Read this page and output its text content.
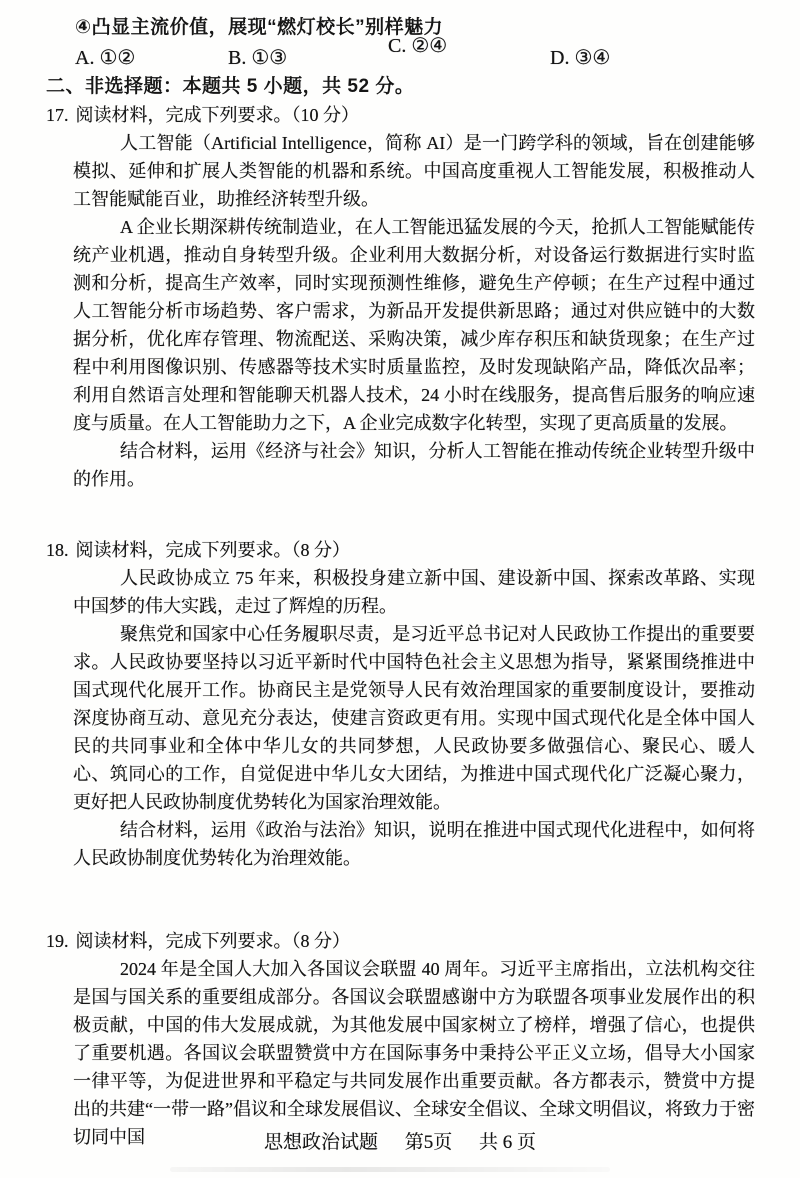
④凸显主流价值，展现“燃灯校长”别样魅力
A. ①②	B. ①③
C. ②④
D. ③④
二、非选择题：本题共 5 小题，共 52 分。
17. 阅读材料，完成下列要求。（10 分）

人工智能（Artificial Intelligence，简称 AI）是一门跨学科的领域，旨在创建能够模拟、延伸和扩展人类智能的机器和系统。中国高度重视人工智能发展，积极推动人工智能赋能百业，助推经济转型升级。

A 企业长期深耕传统制造业，在人工智能迅猛发展的今天，抢抓人工智能赋能传统产业机遇，推动自身转型升级。企业利用大数据分析，对设备运行数据进行实时监测和分析，提高生产效率，同时实现预测性维修，避免生产停顿；在生产过程中通过人工智能分析市场趋势、客户需求，为新品开发提供新思路；通过对供应链中的大数据分析，优化库存管理、物流配送、采购决策，减少库存积压和缺货现象；在生产过程中利用图像识别、传感器等技术实时质量监控，及时发现缺陷产品，降低次品率；利用自然语言处理和智能聊天机器人技术，24 小时在线服务，提高售后服务的响应速度与质量。在人工智能助力之下，A 企业完成数字化转型，实现了更高质量的发展。

结合材料，运用《经济与社会》知识，分析人工智能在推动传统企业转型升级中的作用。

18. 阅读材料，完成下列要求。（8 分）

人民政协成立 75 年来，积极投身建立新中国、建设新中国、探索改革路、实现中国梦的伟大实践，走过了辉煌的历程。

聚焦党和国家中心任务履职尽责，是习近平总书记对人民政协工作提出的重要要求。人民政协要坚持以习近平新时代中国特色社会主义思想为指导，紧紧围绕推进中国式现代化展开工作。协商民主是党领导人民有效治理国家的重要制度设计，要推动深度协商互动、意见充分表达，使建言资政更有用。实现中国式现代化是全体中国人民的共同事业和全体中华儿女的共同梦想，人民政协要多做强信心、聚民心、暖人心、筑同心的工作，自觉促进中华儿女大团结，为推进中国式现代化广泛凝心聚力，更好把人民政协制度优势转化为国家治理效能。

结合材料，运用《政治与法治》知识，说明在推进中国式现代化进程中，如何将人民政协制度优势转化为治理效能。

19. 阅读材料，完成下列要求。（8 分）

2024 年是全国人大加入各国议会联盟 40 周年。习近平主席指出，立法机构交往是国与国关系的重要组成部分。各国议会联盟感谢中方为联盟各项事业发展作出的积极贡献，中国的伟大发展成就，为其他发展中国家树立了榜样，增强了信心，也提供了重要机遇。各国议会联盟赞赏中方在国际事务中秉持公平正义立场，倡导大小国家一律平等，为促进世界和平稳定与共同发展作出重要贡献。各方都表示，赞赏中方提出的共建“一带一路”倡议和全球发展倡议、全球安全倡议、全球文明倡议，将致力于密切同中国	思想政治试题 第5页 共 6 页
